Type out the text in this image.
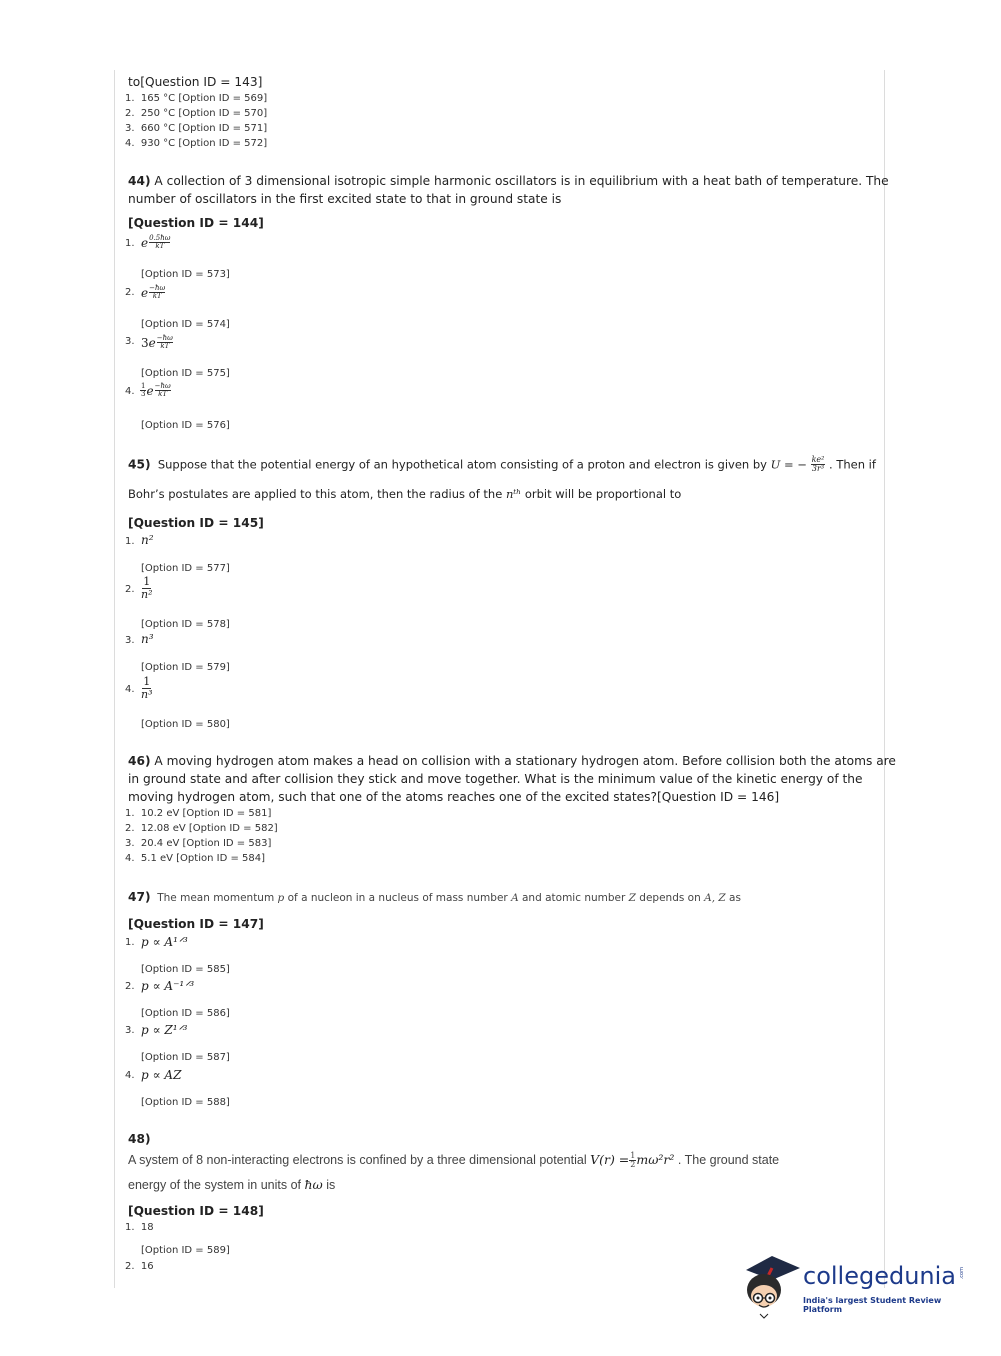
to[Question ID = 143]
1. 165 °C [Option ID = 569]
2. 250 °C [Option ID = 570]
3. 660 °C [Option ID = 571]
4. 930 °C [Option ID = 572]
44) A collection of 3 dimensional isotropic simple harmonic oscillators is in equilibrium with a heat bath of temperature. The
number of oscillators in the first excited state to that in ground state is
[Question ID = 144]
1. e $\frac{0.5ħ\omega}{kT}$
[Option ID = 573]
2. e $\frac{-ħ\omega}{kT}$
[Option ID = 574]
3. $3e \frac{-ħ\omega}{kT}$
[Option ID = 575]
4. $\frac{1}{3}$ e $\frac{-ħ\omega}{kT}$
[Option ID = 576]
45) Suppose that the potential energy of an hypothetical atom consisting of a proton and electron is given by U = − $\frac{\text{ke²}}{\text{3r³}}$ . Then if
Bohr’s postulates are applied to this atom, then the radius of the nᵗʰ orbit will be proportional to
[Question ID = 145]
1. n²
[Option ID = 577]
2. $\frac{1}{\text{n²}}$
[Option ID = 578]
3. n³
[Option ID = 579]
4. $\frac{1}{\text{n³}}$
[Option ID = 580]
46) A moving hydrogen atom makes a head on collision with a stationary hydrogen atom. Before collision both the atoms are
in ground state and after collision they stick and move together. What is the minimum value of the kinetic energy of the
moving hydrogen atom, such that one of the atoms reaches one of the excited states?[Question ID = 146]
1. 10.2 eV [Option ID = 581]
2. 12.08 eV [Option ID = 582]
3. 20.4 eV [Option ID = 583]
4. 5.1 eV [Option ID = 584]
47) The mean momentum p of a nucleon in a nucleus of mass number A and atomic number Z depends on A, Z as
[Question ID = 147]
1. p ∝ A¹ᐟ³
[Option ID = 585]
2. p ∝ A⁻¹ᐟ³
[Option ID = 586]
3. p ∝ Z¹ᐟ³
[Option ID = 587]
4. p ∝ AZ
[Option ID = 588]
48)
A system of 8 non-interacting electrons is confined by a three dimensional potential $V(r) = \frac{1}{2} m\omega^2r^2$ . The ground state
energy of the system in units of ħω is
[Question ID = 148]
1. 18
[Option ID = 589]
2. 16	collegedunia .com
India's largest Student Review Platform
